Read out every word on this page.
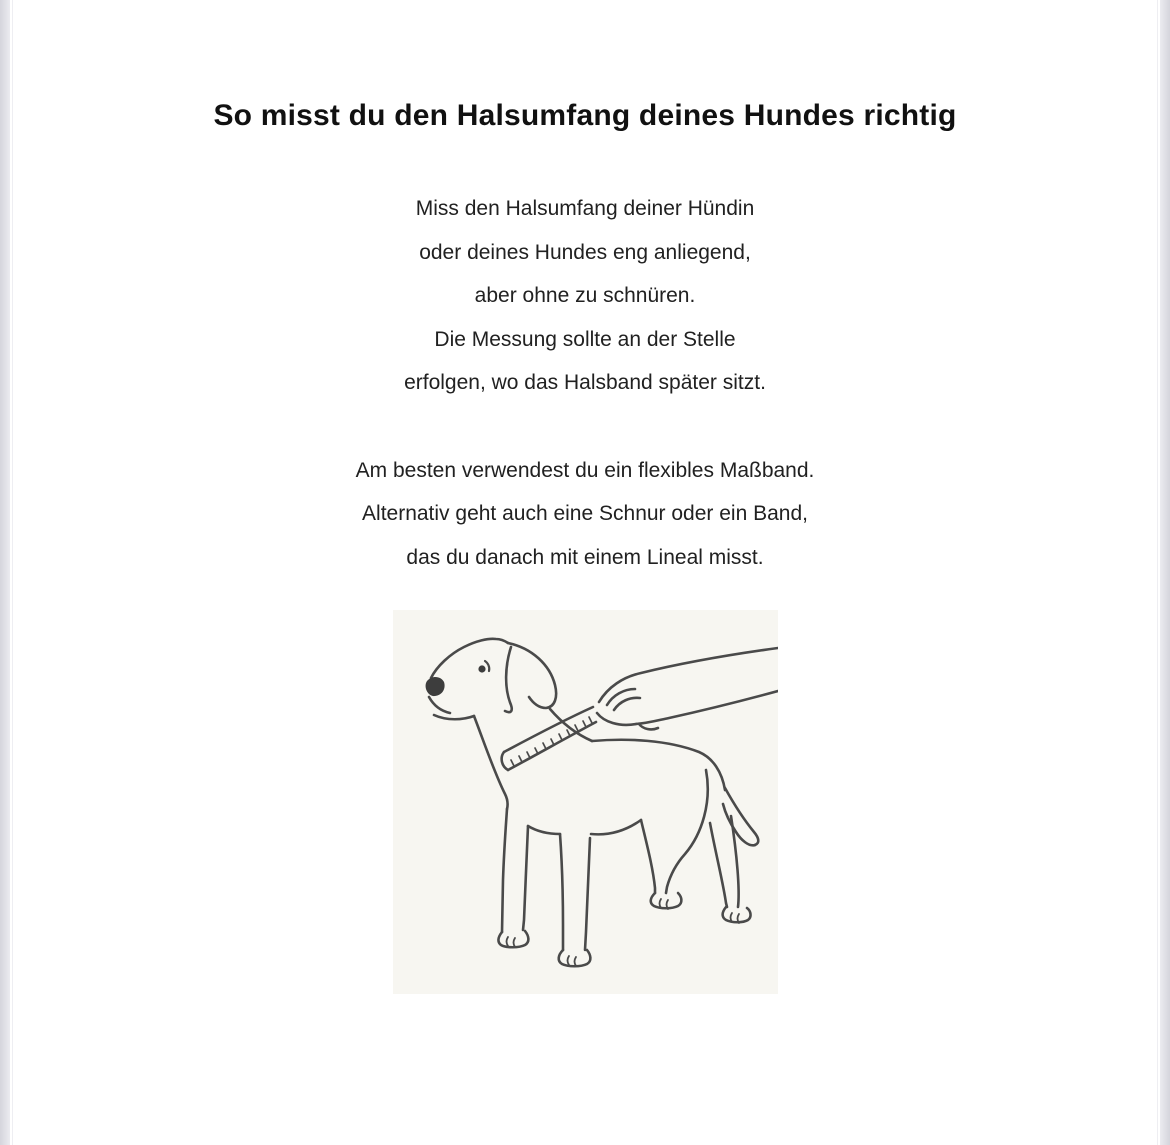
So misst du den Halsumfang deines Hundes richtig

Miss den Halsumfang deiner Hündin
oder deines Hundes eng anliegend,
aber ohne zu schnüren.
Die Messung sollte an der Stelle
erfolgen, wo das Halsband später sitzt.

Am besten verwendest du ein flexibles Maßband.
Alternativ geht auch eine Schnur oder ein Band,
das du danach mit einem Lineal misst.
